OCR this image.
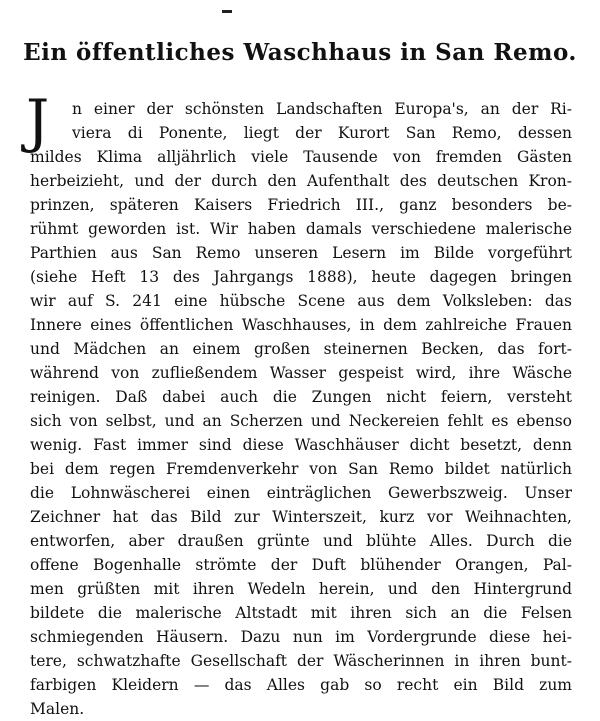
Ein öffentliches Waschhaus in San Remo.
J n einer der schönsten Landschaften Europa's, an der Ri-
viera di Ponente, liegt der Kurort San Remo, dessen
mildes Klima alljährlich viele Tausende von fremden Gästen
herbeizieht, und der durch den Aufenthalt des deutschen Kron-
prinzen, späteren Kaisers Friedrich III., ganz besonders be-
rühmt geworden ist. Wir haben damals verschiedene malerische
Parthien aus San Remo unseren Lesern im Bilde vorgeführt
(siehe Heft 13 des Jahrgangs 1888), heute dagegen bringen
wir auf S. 241 eine hübsche Scene aus dem Volksleben: das
Innere eines öffentlichen Waschhauses, in dem zahlreiche Frauen
und Mädchen an einem großen steinernen Becken, das fort-
während von zufließendem Wasser gespeist wird, ihre Wäsche
reinigen. Daß dabei auch die Zungen nicht feiern, versteht
sich von selbst, und an Scherzen und Neckereien fehlt es ebenso
wenig. Fast immer sind diese Waschhäuser dicht besetzt, denn
bei dem regen Fremdenverkehr von San Remo bildet natürlich
die Lohnwäscherei einen einträglichen Gewerbszweig. Unser
Zeichner hat das Bild zur Winterszeit, kurz vor Weihnachten,
entworfen, aber draußen grünte und blühte Alles. Durch die
offene Bogenhalle strömte der Duft blühender Orangen, Pal-
men grüßten mit ihren Wedeln herein, und den Hintergrund
bildete die malerische Altstadt mit ihren sich an die Felsen
schmiegenden Häusern. Dazu nun im Vordergrunde diese hei-
tere, schwatzhafte Gesellschaft der Wäscherinnen in ihren bunt-
farbigen Kleidern — das Alles gab so recht ein Bild zum
Malen.
